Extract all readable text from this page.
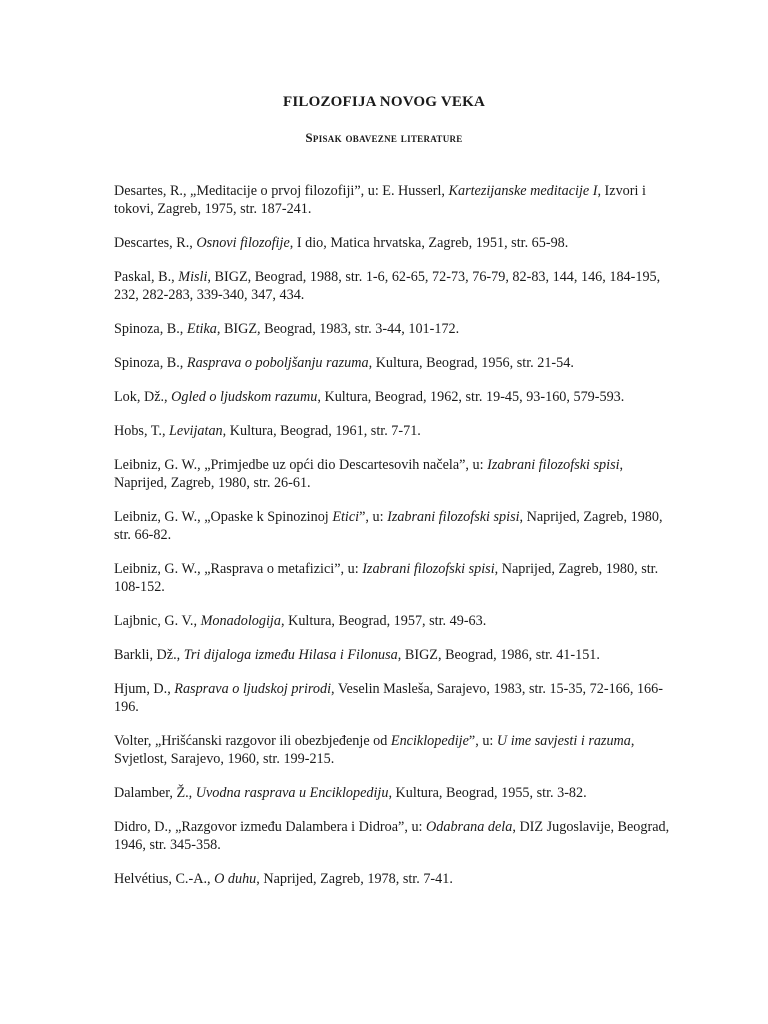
FILOZOFIJA NOVOG VEKA
Spisak obavezne literature

Desartes, R., „Meditacije o prvoj filozofiji”, u: E. Husserl, Kartezijanske meditacije I, Izvori i tokovi, Zagreb, 1975, str. 187-241.

Descartes, R., Osnovi filozofije, I dio, Matica hrvatska, Zagreb, 1951, str. 65-98.

Paskal, B., Misli, BIGZ, Beograd, 1988, str. 1-6, 62-65, 72-73, 76-79, 82-83, 144, 146, 184-195, 232, 282-283, 339-340, 347, 434.

Spinoza, B., Etika, BIGZ, Beograd, 1983, str. 3-44, 101-172.

Spinoza, B., Rasprava o poboljšanju razuma, Kultura, Beograd, 1956, str. 21-54.

Lok, Dž., Ogled o ljudskom razumu, Kultura, Beograd, 1962, str. 19-45, 93-160, 579-593.

Hobs, T., Levijatan, Kultura, Beograd, 1961, str. 7-71.

Leibniz, G. W., „Primjedbe uz opći dio Descartesovih načela”, u: Izabrani filozofski spisi, Naprijed, Zagreb, 1980, str. 26-61.

Leibniz, G. W., „Opaske k Spinozinoj Etici”, u: Izabrani filozofski spisi, Naprijed, Zagreb, 1980, str. 66-82.

Leibniz, G. W., „Rasprava o metafizici”, u: Izabrani filozofski spisi, Naprijed, Zagreb, 1980, str. 108-152.

Lajbnic, G. V., Monadologija, Kultura, Beograd, 1957, str. 49-63.

Barkli, Dž., Tri dijaloga između Hilasa i Filonusa, BIGZ, Beograd, 1986, str. 41-151.

Hjum, D., Rasprava o ljudskoj prirodi, Veselin Masleša, Sarajevo, 1983, str. 15-35, 72-166, 166-196.

Volter, „Hrišćanski razgovor ili obezbjeđenje od Enciklopedije”, u: U ime savjesti i razuma, Svjetlost, Sarajevo, 1960, str. 199-215.

Dalamber, Ž., Uvodna rasprava u Enciklopediju, Kultura, Beograd, 1955, str. 3-82.

Didro, D., „Razgovor između Dalambera i Didroa”, u: Odabrana dela, DIZ Jugoslavije, Beograd, 1946, str. 345-358.

Helvétius, C.-A., O duhu, Naprijed, Zagreb, 1978, str. 7-41.
